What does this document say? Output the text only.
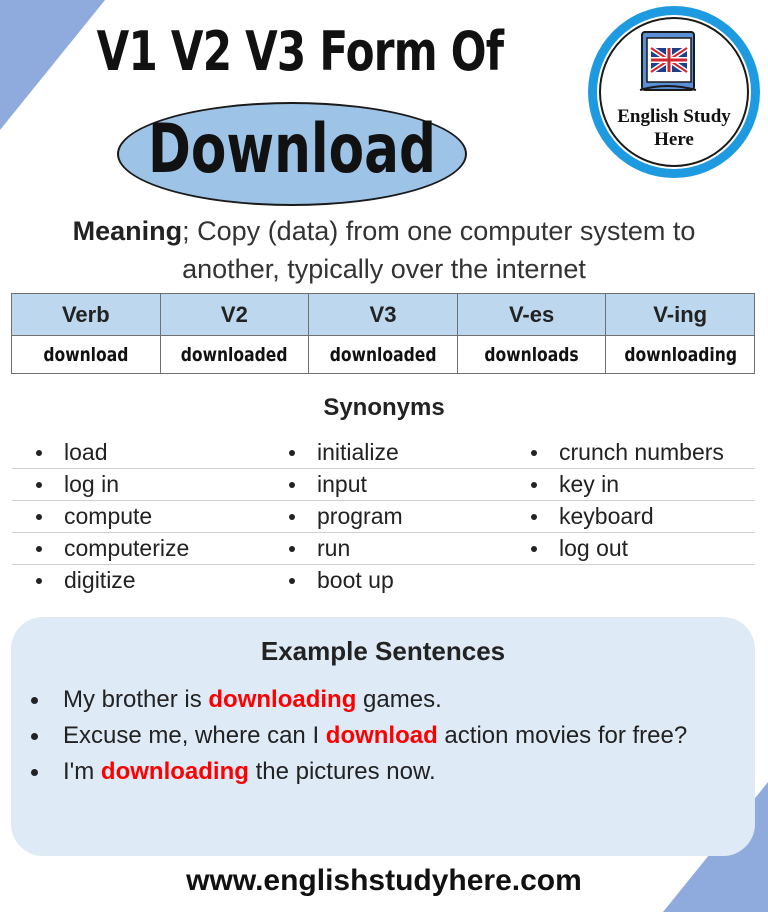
V1 V2 V3 Form Of
Download	English Study
Here
Meaning; Copy (data) from one computer system to
another, typically over the internet
Verb	V2	V3	V-es	V-ing
download	downloaded	downloaded	downloads	downloading
Synonyms
load
log in
compute
computerize
digitize
initialize
input
program
run
boot up
crunch numbers
key in
keyboard
log out
Example Sentences
My brother is downloading games.
Excuse me, where can I download action movies for free?
I'm downloading the pictures now.
www.englishstudyhere.com
